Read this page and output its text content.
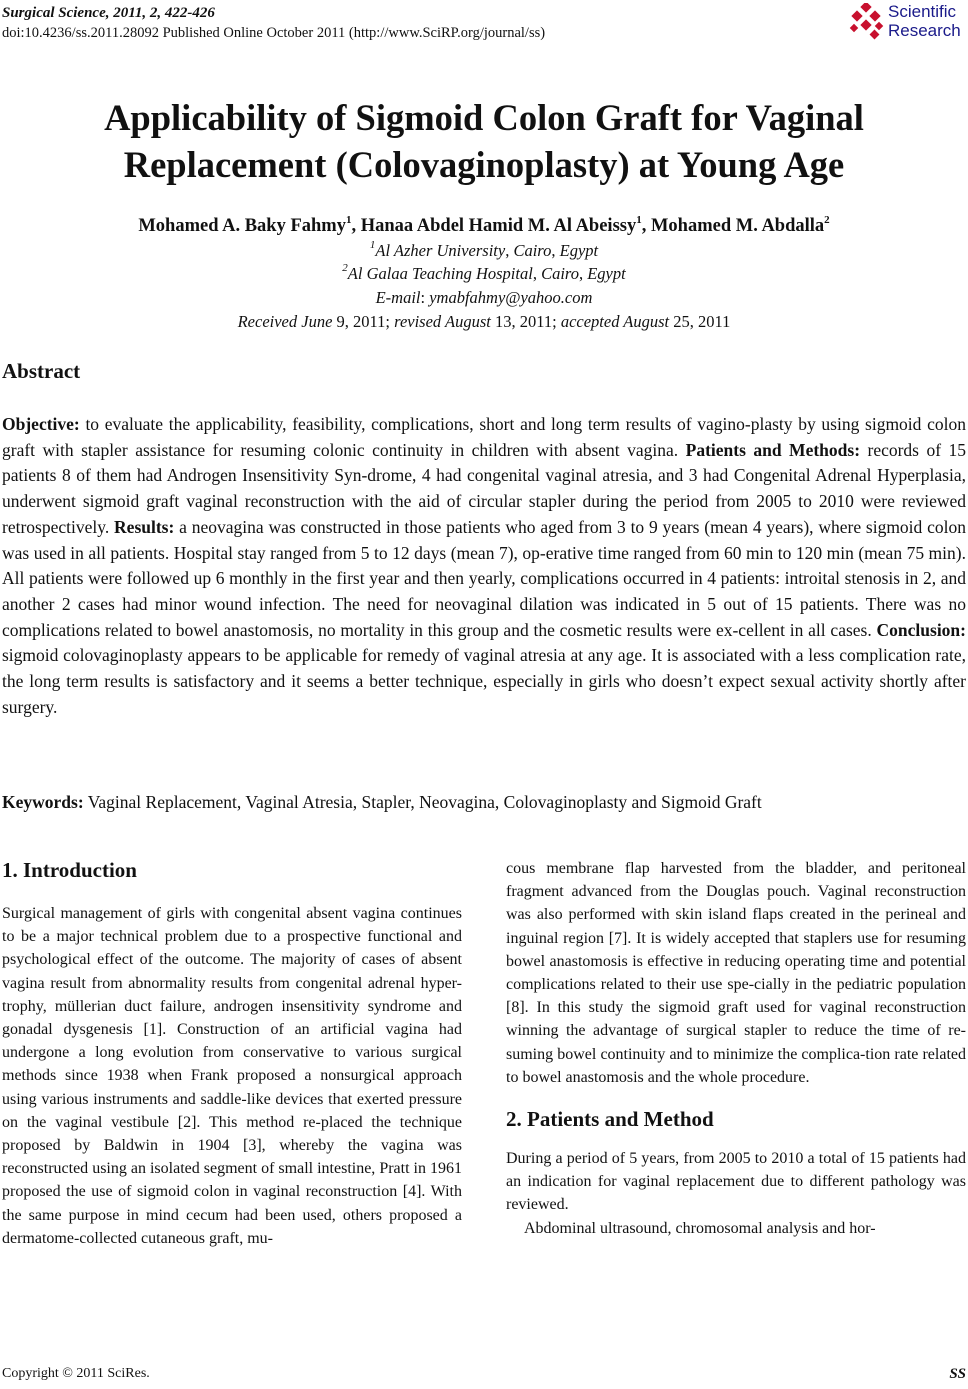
Surgical Science, 2011, 2, 422-426
doi:10.4236/ss.2011.28092 Published Online October 2011 (http://www.SciRP.org/journal/ss)
Scientific
Research
Applicability of Sigmoid Colon Graft for Vaginal
Replacement (Colovaginoplasty) at Young Age
Mohamed A. Baky Fahmy$^1$, Hanaa Abdel Hamid M. Al Abeissy$^1$, Mohamed M. Abdalla$^2$
$^1$Al Azher University, Cairo, Egypt
$^2$Al Galaa Teaching Hospital, Cairo, Egypt
E-mail: ymabfahmy@yahoo.com
Received June 9, 2011; revised August 13, 2011; accepted August 25, 2011
Abstract

Objective: to evaluate the applicability, feasibility, complications, short and long term results of vagino-plasty by using sigmoid colon graft with stapler assistance for resuming colonic continuity in children with absent vagina. Patients and Methods: records of 15 patients 8 of them had Androgen Insensitivity Syn-drome, 4 had congenital vaginal atresia, and 3 had Congenital Adrenal Hyperplasia, underwent sigmoid graft vaginal reconstruction with the aid of circular stapler during the period from 2005 to 2010 were reviewed retrospectively. Results: a neovagina was constructed in those patients who aged from 3 to 9 years (mean 4 years), where sigmoid colon was used in all patients. Hospital stay ranged from 5 to 12 days (mean 7), op-erative time ranged from 60 min to 120 min (mean 75 min). All patients were followed up 6 monthly in the first year and then yearly, complications occurred in 4 patients: introital stenosis in 2, and another 2 cases had minor wound infection. The need for neovaginal dilation was indicated in 5 out of 15 patients. There was no complications related to bowel anastomosis, no mortality in this group and the cosmetic results were ex-cellent in all cases. Conclusion: sigmoid colovaginoplasty appears to be applicable for remedy of vaginal atresia at any age. It is associated with a less complication rate, the long term results is satisfactory and it seems a better technique, especially in girls who doesn’t expect sexual activity shortly after surgery.

Keywords: Vaginal Replacement, Vaginal Atresia, Stapler, Neovagina, Colovaginoplasty and Sigmoid Graft
1. Introduction

Surgical management of girls with congenital absent vagina continues to be a major technical problem due to a prospective functional and psychological effect of the outcome. The majority of cases of absent vagina result from abnormality results from congenital adrenal hyper-trophy, müllerian duct failure, androgen insensitivity syndrome and gonadal dysgenesis [1]. Construction of an artificial vagina had undergone a long evolution from conservative to various surgical methods since 1938 when Frank proposed a nonsurgical approach using various instruments and saddle-like devices that exerted pressure on the vaginal vestibule [2]. This method re-placed the technique proposed by Baldwin in 1904 [3], whereby the vagina was reconstructed using an isolated segment of small intestine, Pratt in 1961 proposed the use of sigmoid colon in vaginal reconstruction [4]. With the same purpose in mind cecum had been used, others proposed a dermatome-collected cutaneous graft, mu-

cous membrane flap harvested from the bladder, and peritoneal fragment advanced from the Douglas pouch. Vaginal reconstruction was also performed with skin island flaps created in the perineal and inguinal region [7]. It is widely accepted that staplers use for resuming bowel anastomosis is effective in reducing operating time and potential complications related to their use spe-cially in the pediatric population [8]. In this study the sigmoid graft used for vaginal reconstruction winning the advantage of surgical stapler to reduce the time of re-suming bowel continuity and to minimize the complica-tion rate related to bowel anastomosis and the whole procedure.

2. Patients and Method

During a period of 5 years, from 2005 to 2010 a total of 15 patients had an indication for vaginal replacement due to different pathology was reviewed.

Abdominal ultrasound, chromosomal analysis and hor-

Copyright © 2011 SciRes.	SS
